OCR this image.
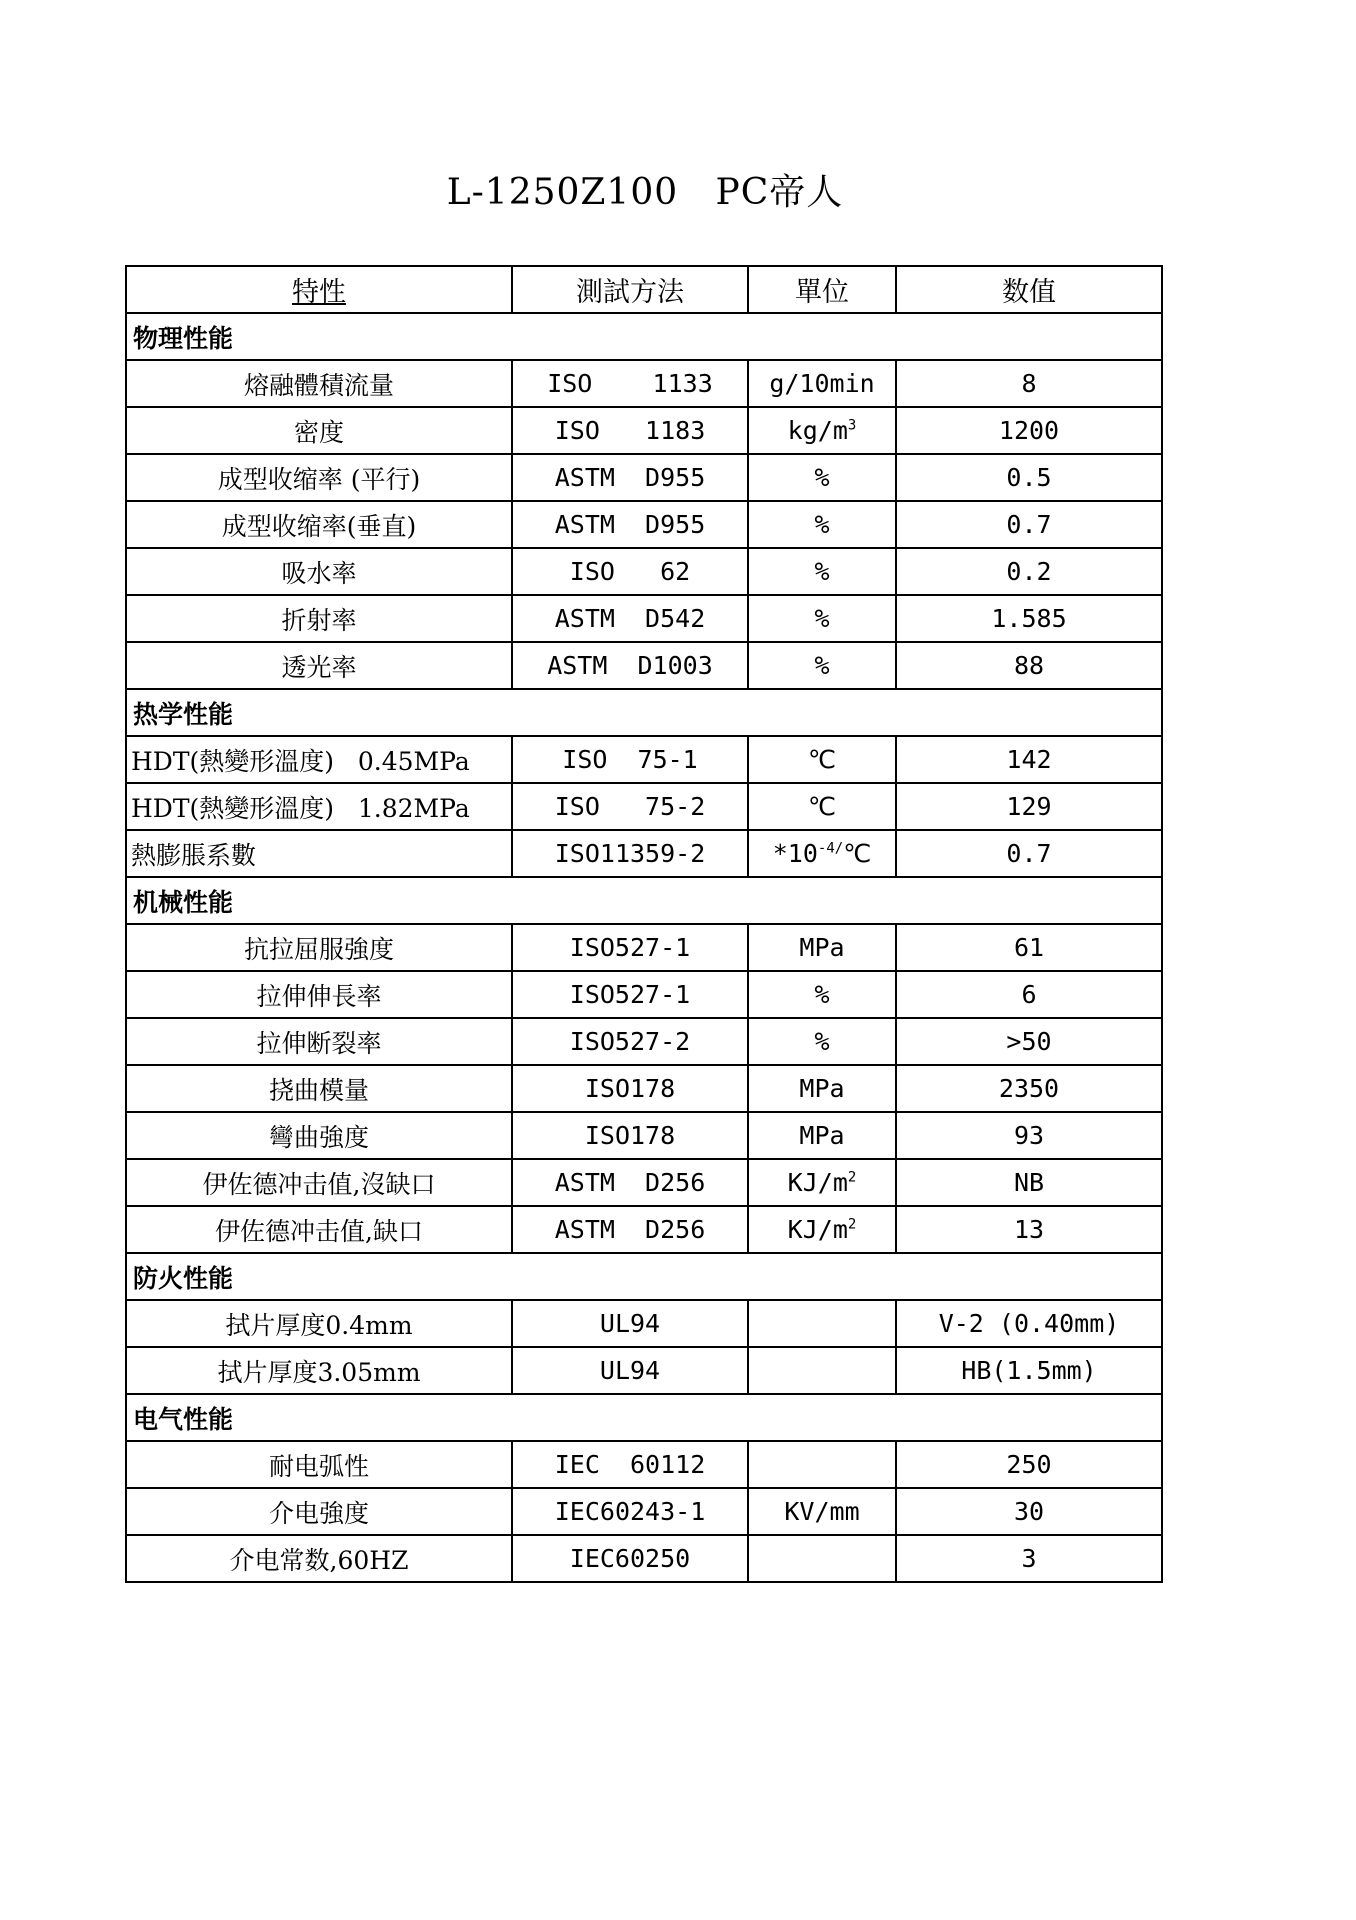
L-1250Z100   PC帝人
特性	測試方法	單位	数值
物理性能			
熔融體積流量	ISO    1133	g/10min	8
密度	ISO   1183	$kg/m^3$	1200
成型收缩率 (平行)	ASTM  D955	%	0.5
成型收缩率(垂直)	ASTM  D955	%	0.7
吸水率	ISO   62	%	0.2
折射率	ASTM  D542	%	1.585
透光率	ASTM  D1003	%	88
热学性能			
HDT(熱變形溫度)   0.45MPa	ISO  75-1	℃	142
HDT(熱變形溫度)   1.82MPa	ISO   75-2	℃	129
熱膨脹系數	ISO11359-2	$*10^{-4/}℃$	0.7
机械性能			
抗拉屈服強度	ISO527-1	MPa	61
拉伸伸長率	ISO527-1	%	6
拉伸断裂率	ISO527-2	%	>50
挠曲模量	ISO178	MPa	2350
彎曲強度	ISO178	MPa	93
伊佐德冲击值,沒缺口	ASTM  D256	$KJ/m^2$	NB
伊佐德冲击值,缺口	ASTM  D256	$KJ/m^2$	13
防火性能			
拭片厚度0.4mm	UL94		V-2 (0.40mm)
拭片厚度3.05mm	UL94		HB(1.5mm)
电气性能			
耐电弧性	IEC  60112		250
介电強度	IEC60243-1	KV/mm	30
介电常数,60HZ	IEC60250		3
